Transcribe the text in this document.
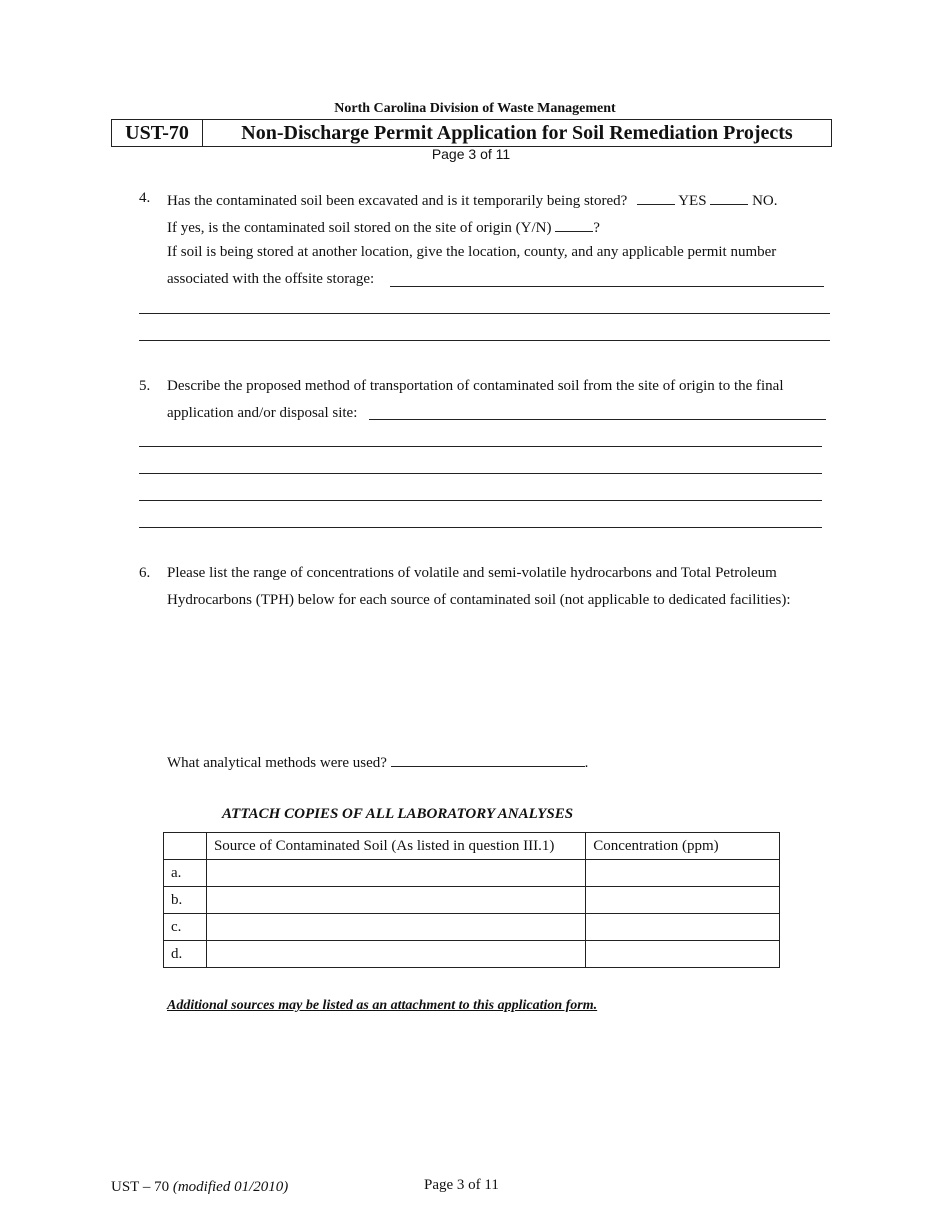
North Carolina Division of Waste Management
UST-70	Non-Discharge Permit Application for Soil Remediation Projects
Page 3 of 11
4. Has the contaminated soil been excavated and is it temporarily being stored?	YES	NO.
If yes, is the contaminated soil stored on the site of origin (Y/N)	?
If soil is being stored at another location, give the location, county, and any applicable permit number
associated with the offsite storage:
5. Describe the proposed method of transportation of contaminated soil from the site of origin to the final
application and/or disposal site:
6. Please list the range of concentrations of volatile and semi-volatile hydrocarbons and Total Petroleum
Hydrocarbons (TPH) below for each source of contaminated soil (not applicable to dedicated facilities):
What analytical methods were used?	.
ATTACH COPIES OF ALL LABORATORY ANALYSES
	Source of Contaminated Soil (As listed in question III.1)	Concentration (ppm)
a.		
b.		
c.		
d.		
Additional sources may be listed as an attachment to this application form.
UST – 70 (modified 01/2010)	Page 3 of 11
